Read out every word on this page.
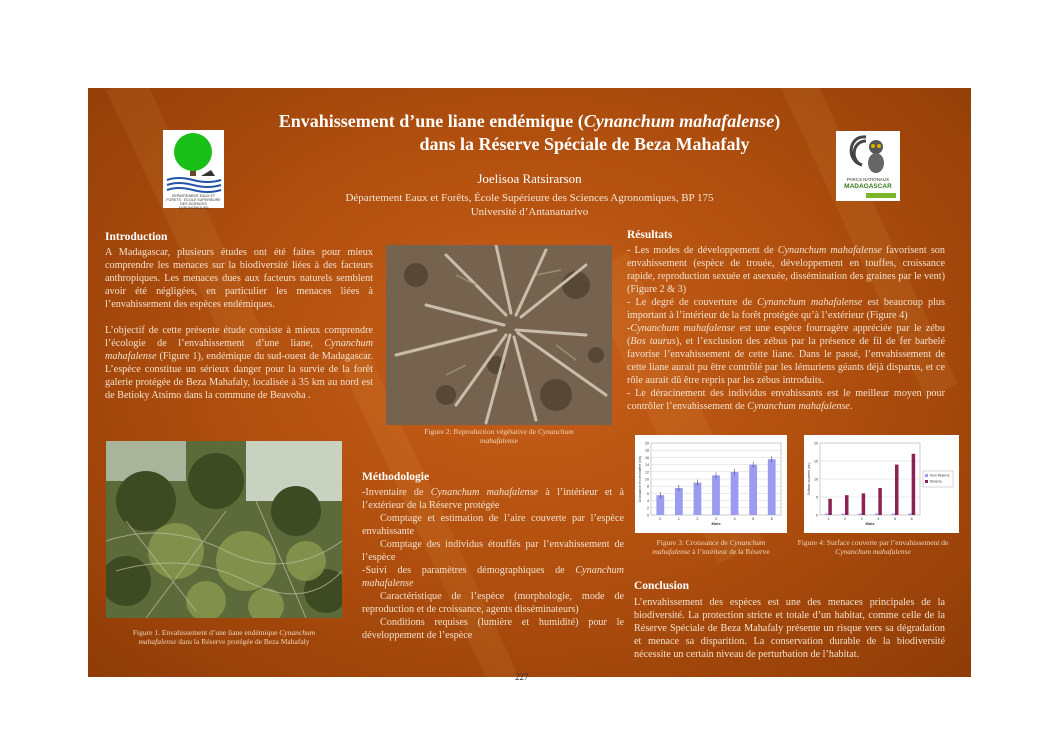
Envahissement d’une liane endémique (Cynanchum mahafalense)
dans la Réserve Spéciale de Beza Mahafaly
Joelisoa Ratsirarson
Département Eaux et Forêts, École Supérieure des Sciences Agronomiques, BP 175
Université d’Antananarivo
DEPARTEMENT EAUX ET FORETS · ECOLE SUPERIEURE DES SCIENCES AGRONOMIQUES
PARCS NATIONAUX
MADAGASCAR
Introduction

A Madagascar, plusieurs études ont été faites pour mieux comprendre les menaces sur la biodiversité liées à des facteurs anthropiques. Les menaces dues aux facteurs naturels semblent avoir été négligées, en particulier les menaces liées à l’envahissement des espèces endémiques.

L’objectif de cette présente étude consiste à mieux comprendre l’écologie de l’envahissement d’une liane, Cynanchum mahafalense (Figure 1), endémique du sud-ouest de Madagascar. L’espèce constitue un sérieux danger pour la survie de la forêt galerie protégée de Beza Mahafaly, localisée à 35 km au nord est de Betioky Atsimo dans la commune de Beavoha .

Figure 2: Reproduction végétative de Cynanchum mahafalense
Figure 1. Envahissement d’une liane endémique Cynanchum mahafalense dans la Réserve protégée de Beza Mahafaly
Méthodologie

-Inventaire de Cynanchum mahafalense à l’intérieur et à l’extérieur de la Réserve protégée

Comptage et estimation de l’aire couverte par l’espèce envahissante

Comptage des individus étouffés par l’envahissement de l’espèce

-Suivi des paramètres démographiques de Cynanchum mahafalense

Caractéristique de l’espèce (morphologie, mode de reproduction et de croissance, agents disséminateurs)

Conditions requises (lumière et humidité) pour le développement de l’espèce

Résultats

- Les modes de développement de Cynanchum mahafalense favorisent son envahissement (espèce de trouée, développement en touffes, croissance rapide, reproduction sexuée et asexuée, dissémination des graines par le vent) (Figure 2 & 3)

- Le degré de couverture de Cynanchum mahafalense est beaucoup plus important à l’intérieur de la forêt protégée qu’à l’extérieur (Figure 4)

-Cynanchum mahafalense est une espèce fourragère appréciée par le zébu (Bos taurus), et l’exclusion des zébus par la présence de fil de fer barbelé favorise l’envahissement de cette liane. Dans le passé, l’envahissement de cette liane aurait pu être contrôlé par les lémuriens géants déjà disparus, et ce rôle aurait dû être repris par les zébus introduits.

- Le déracinement des individus envahissants est le meilleur moyen pour contrôler l’envahissement de Cynanchum mahafalense.

0
2
4
6
8
10
12
14
16
18
20
0	1	2	3	4	5	6
Mois
Croissance en centimètre (cm)
Figure 3: Croissance de Cynanchum mahafalense à l’intérieur de la Réserve
0
5
10
15
20
1	2	3	4	5	6
Mois
Surface couverte (m²)	Hors Réserve
Réserve
Figure 4: Surface couverte par l’envahissement de Cynanchum mahafalense
Conclusion
L’envahissement des espèces est une des menaces principales de la biodiversité. La protection stricte et totale d’un habitat, comme celle de la Réserve Spéciale de Beza Mahafaly présente un risque vers sa dégradation et menace sa disparition. La conservation durable de la biodiversité nécessite un certain niveau de perturbation de l’habitat.
227
